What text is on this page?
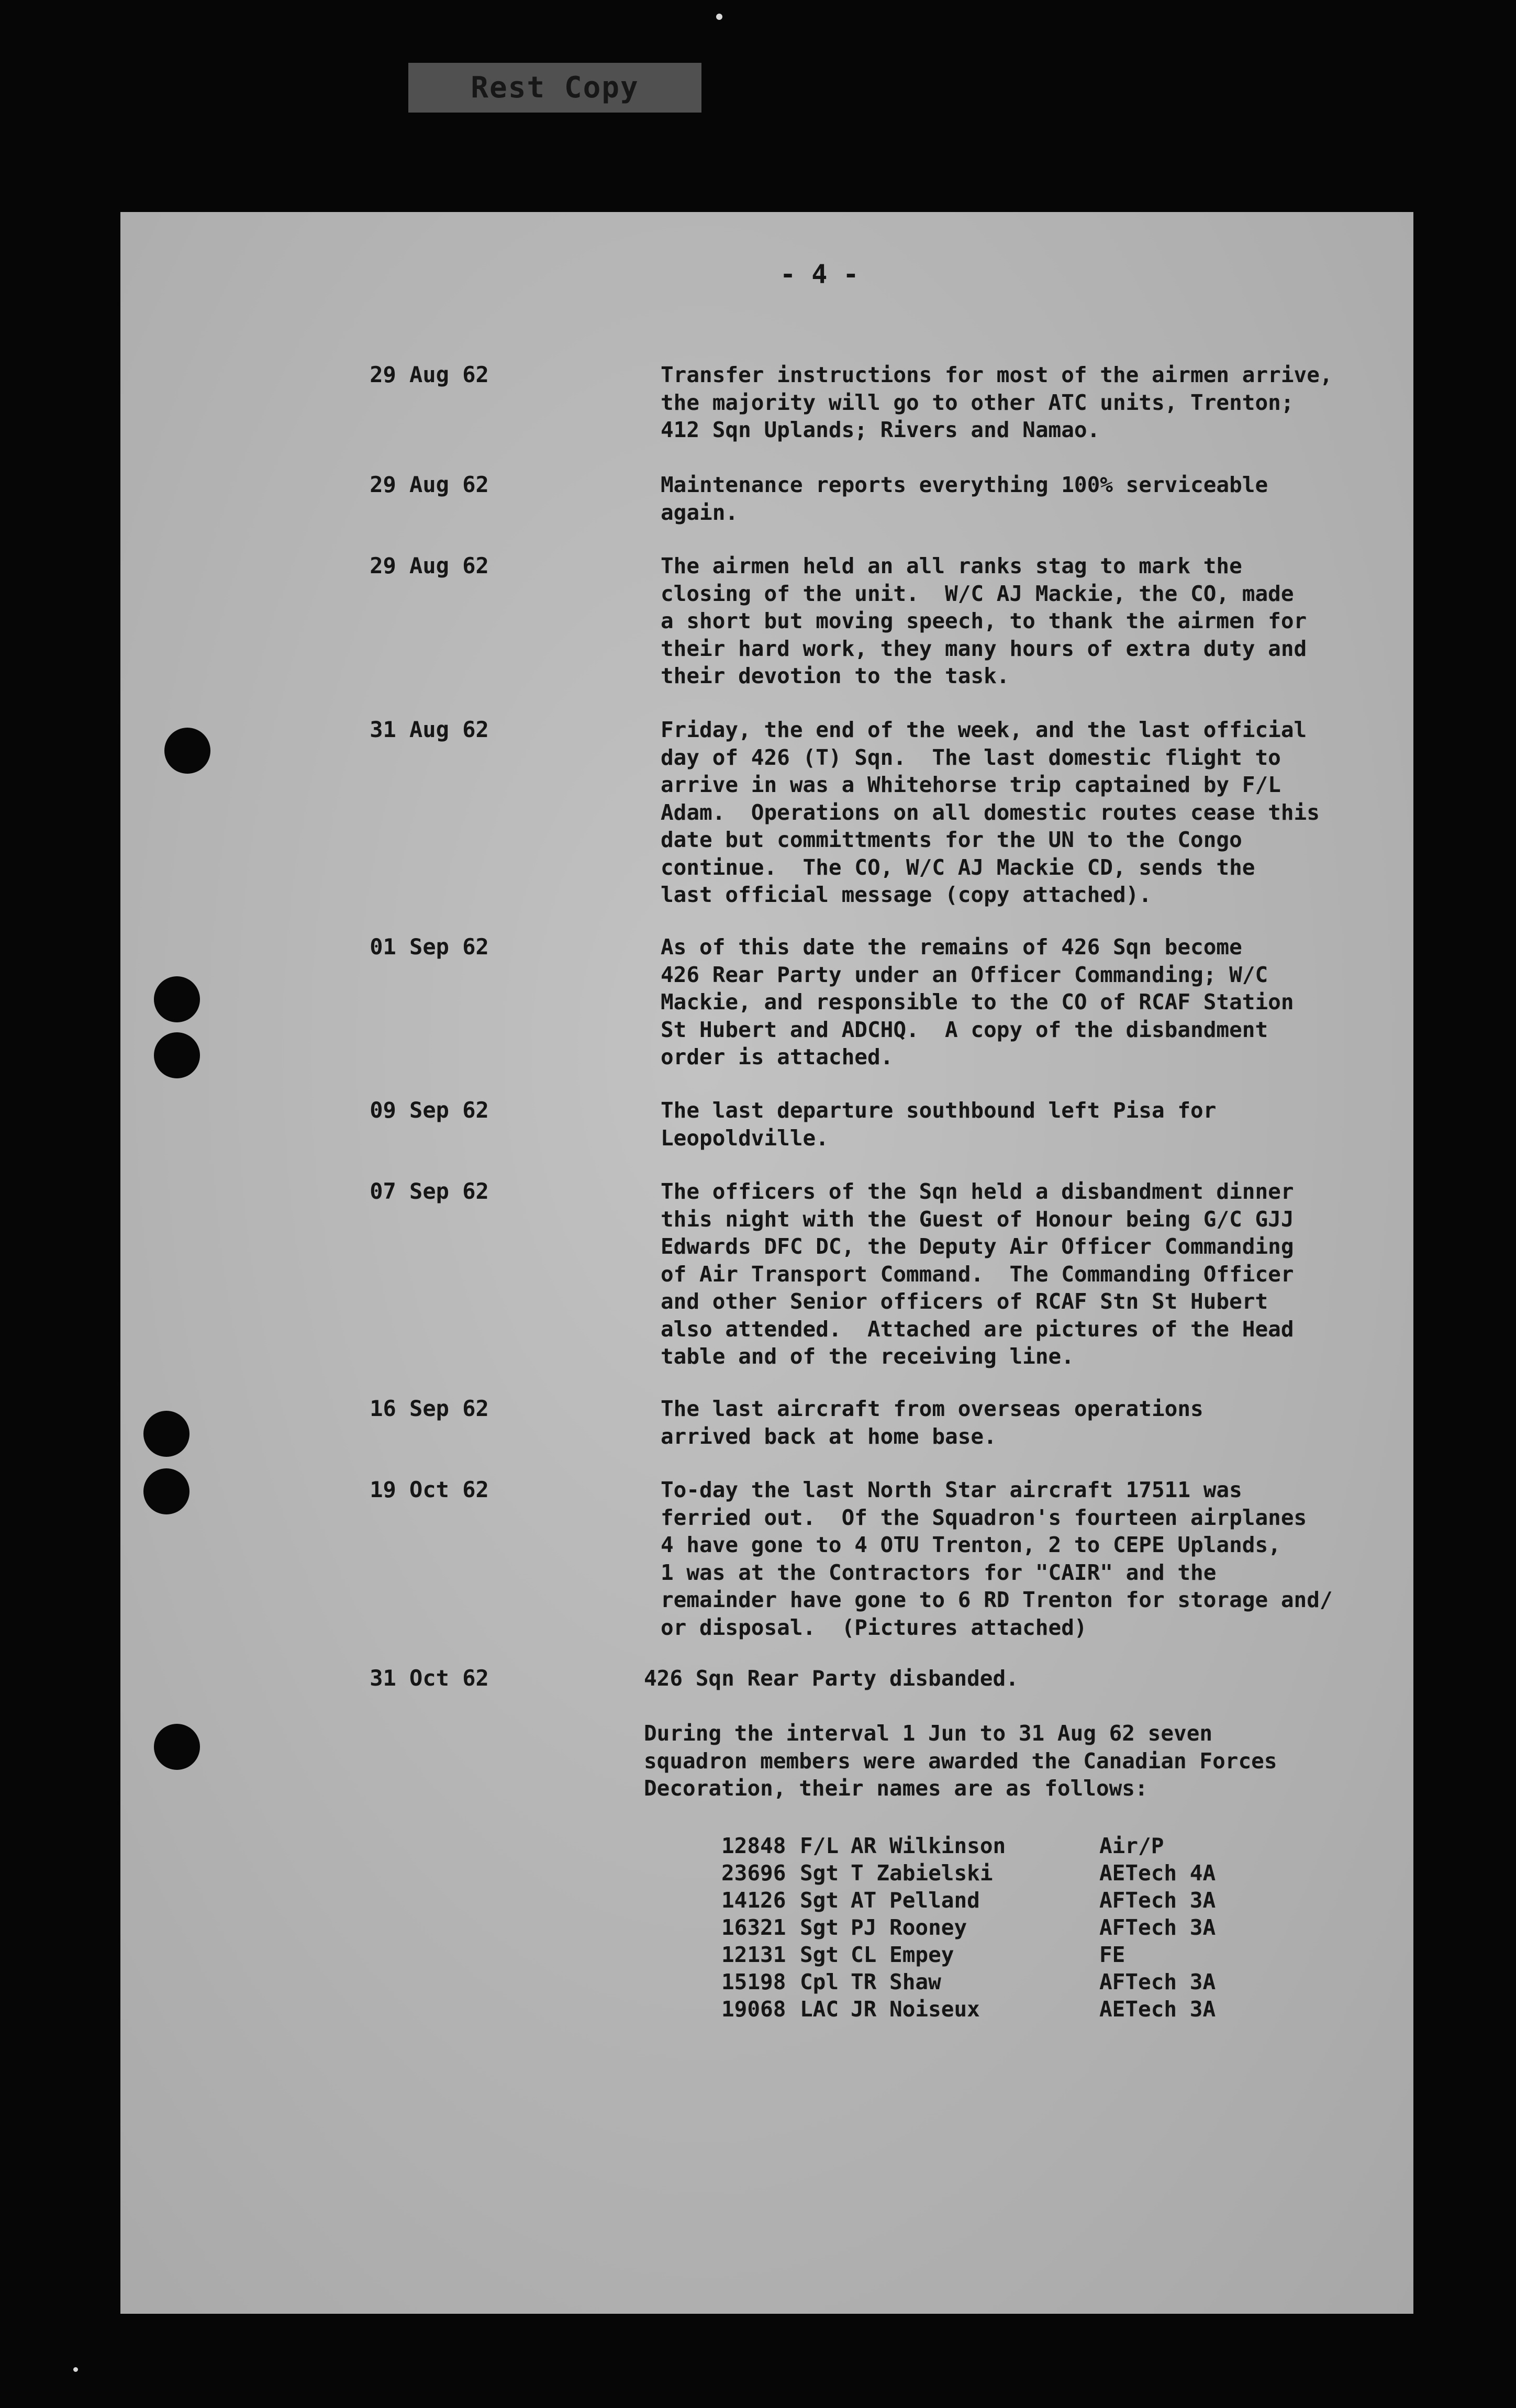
Rest Copy
- 4 -
29 Aug 62	Transfer instructions for most of the airmen arrive,
the majority will go to other ATC units, Trenton;
412 Sqn Uplands; Rivers and Namao.
29 Aug 62	Maintenance reports everything 100% serviceable
again.
29 Aug 62	The airmen held an all ranks stag to mark the
closing of the unit.  W/C AJ Mackie, the CO, made
a short but moving speech, to thank the airmen for
their hard work, they many hours of extra duty and
their devotion to the task.
31 Aug 62	Friday, the end of the week, and the last official
day of 426 (T) Sqn.  The last domestic flight to
arrive in was a Whitehorse trip captained by F/L
Adam.  Operations on all domestic routes cease this
date but committments for the UN to the Congo
continue.  The CO, W/C AJ Mackie CD, sends the
last official message (copy attached).
01 Sep 62	As of this date the remains of 426 Sqn become
426 Rear Party under an Officer Commanding; W/C
Mackie, and responsible to the CO of RCAF Station
St Hubert and ADCHQ.  A copy of the disbandment
order is attached.
09 Sep 62	The last departure southbound left Pisa for
Leopoldville.
07 Sep 62	The officers of the Sqn held a disbandment dinner
this night with the Guest of Honour being G/C GJJ
Edwards DFC DC, the Deputy Air Officer Commanding
of Air Transport Command.  The Commanding Officer
and other Senior officers of RCAF Stn St Hubert
also attended.  Attached are pictures of the Head
table and of the receiving line.
16 Sep 62	The last aircraft from overseas operations
arrived back at home base.
19 Oct 62	To-day the last North Star aircraft 17511 was
ferried out.  Of the Squadron's fourteen airplanes
4 have gone to 4 OTU Trenton, 2 to CEPE Uplands,
1 was at the Contractors for "CAIR" and the
remainder have gone to 6 RD Trenton for storage and/
or disposal.  (Pictures attached)
31 Oct 62	426 Sqn Rear Party disbanded.
During the interval 1 Jun to 31 Aug 62 seven
squadron members were awarded the Canadian Forces
Decoration, their names are as follows:
12848 F/L AR Wilkinson	Air/P
23696 Sgt T Zabielski	AETech 4A
14126 Sgt AT Pelland	AFTech 3A
16321 Sgt PJ Rooney	AFTech 3A
12131 Sgt CL Empey	FE
15198 Cpl TR Shaw	AFTech 3A
19068 LAC JR Noiseux	AETech 3A
